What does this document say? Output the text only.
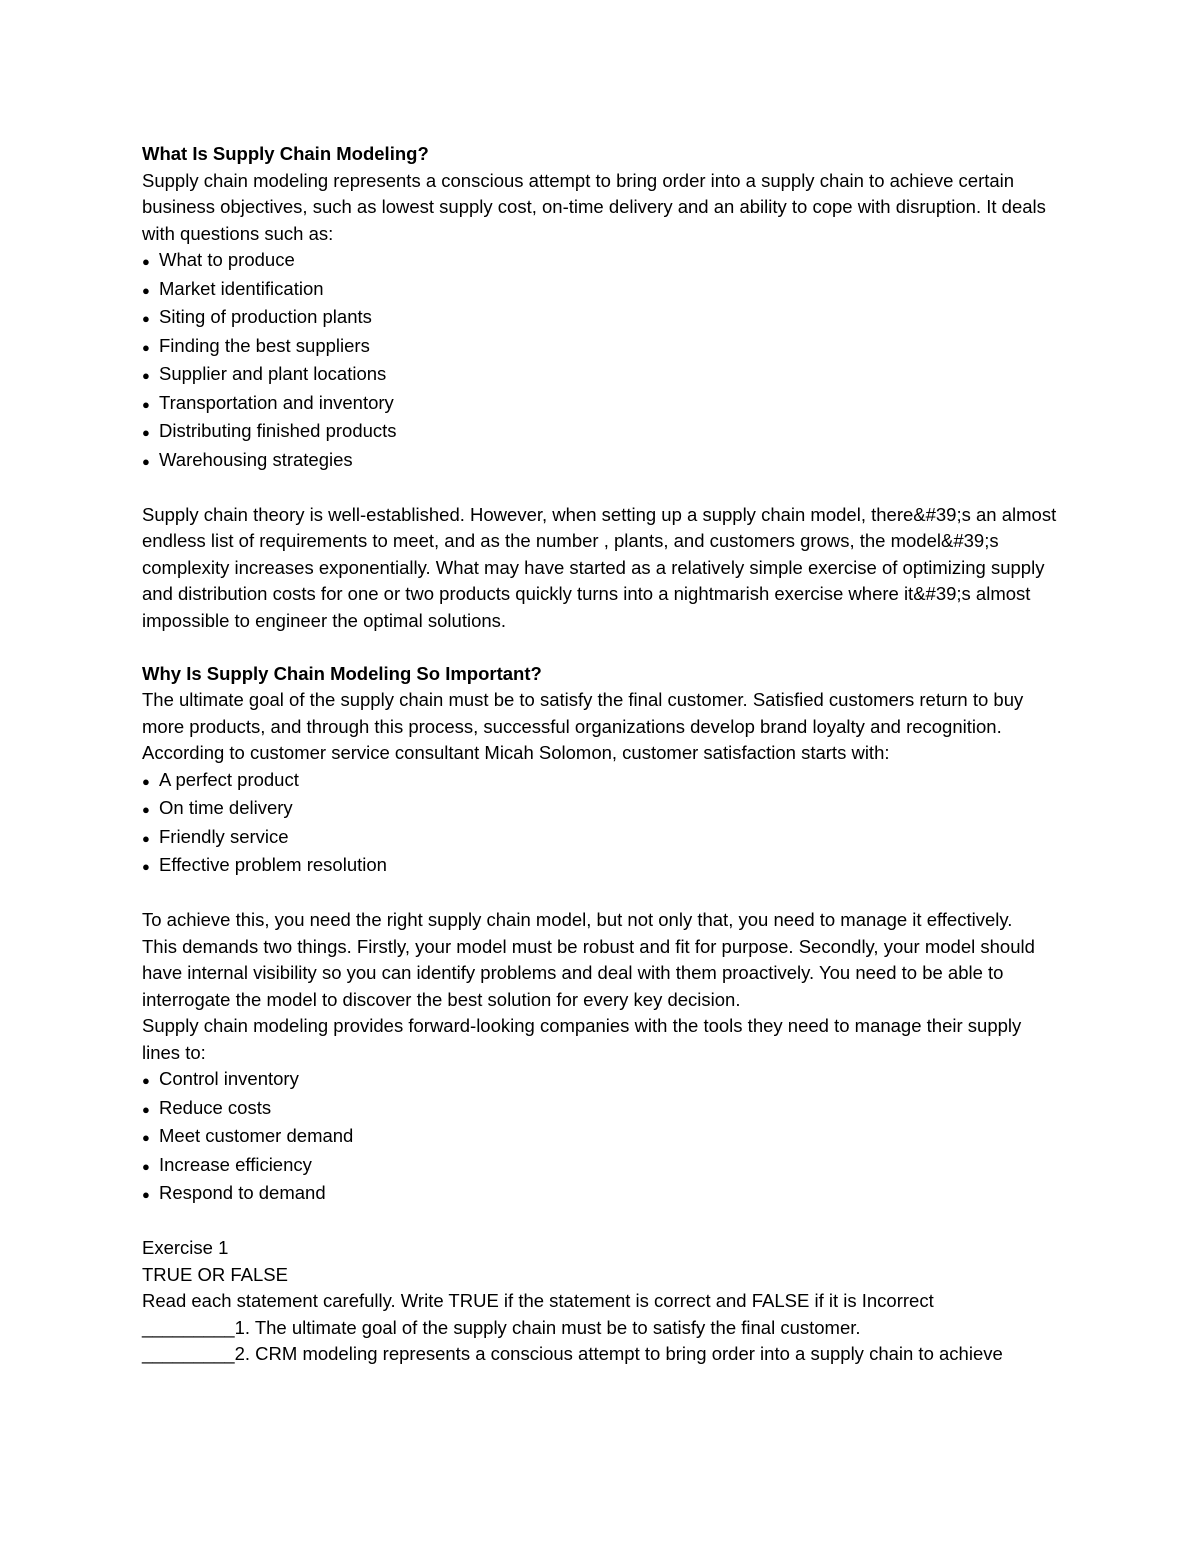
What Is Supply Chain Modeling?

Supply chain modeling represents a conscious attempt to bring order into a supply chain to achieve certain business objectives, such as lowest supply cost, on-time delivery and an ability to cope with disruption. It deals with questions such as:

● What to produce
● Market identification
● Siting of production plants
● Finding the best suppliers
● Supplier and plant locations
● Transportation and inventory
● Distributing finished products
● Warehousing strategies

Supply chain theory is well-established. However, when setting up a supply chain model, there&#39;s an almost endless list of requirements to meet, and as the number , plants, and customers grows, the model&#39;s complexity increases exponentially. What may have started as a relatively simple exercise of optimizing supply and distribution costs for one or two products quickly turns into a nightmarish exercise where it&#39;s almost impossible to engineer the optimal solutions.

Why Is Supply Chain Modeling So Important?

The ultimate goal of the supply chain must be to satisfy the final customer. Satisfied customers return to buy more products, and through this process, successful organizations develop brand loyalty and recognition.

According to customer service consultant Micah Solomon, customer satisfaction starts with:

● A perfect product
● On time delivery
● Friendly service
● Effective problem resolution

To achieve this, you need the right supply chain model, but not only that, you need to manage it effectively.

This demands two things. Firstly, your model must be robust and fit for purpose. Secondly, your model should have internal visibility so you can identify problems and deal with them proactively. You need to be able to interrogate the model to discover the best solution for every key decision.

Supply chain modeling provides forward-looking companies with the tools they need to manage their supply lines to:

● Control inventory
● Reduce costs
● Meet customer demand
● Increase efficiency
● Respond to demand

Exercise 1

TRUE OR FALSE

Read each statement carefully. Write TRUE if the statement is correct and FALSE if it is Incorrect

_________1. The ultimate goal of the supply chain must be to satisfy the final customer.

_________2. CRM modeling represents a conscious attempt to bring order into a supply chain to achieve
